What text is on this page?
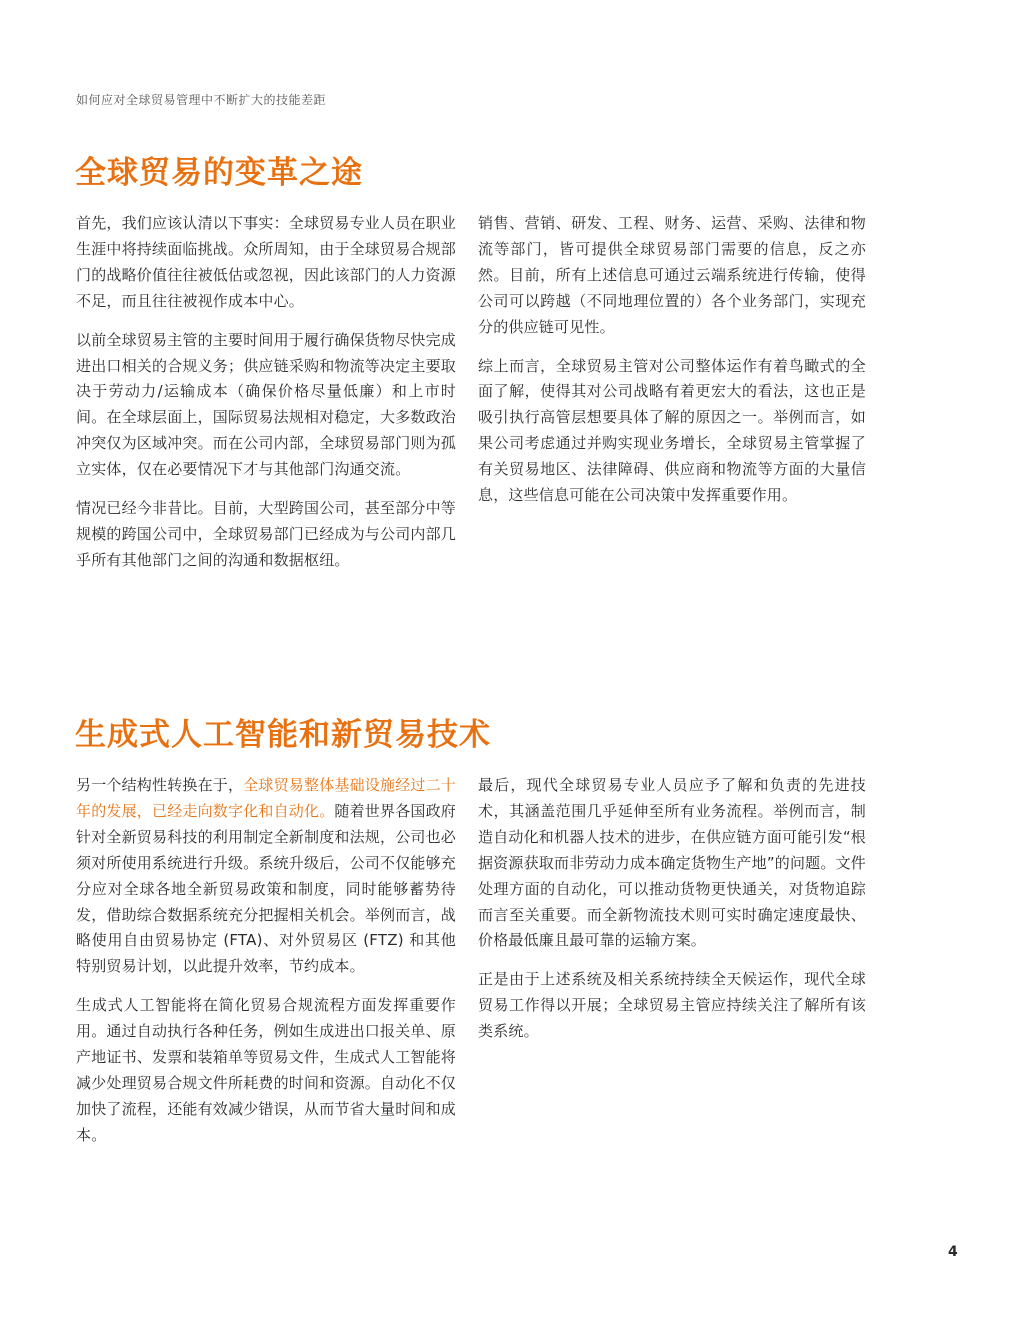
如何应对全球贸易管理中不断扩大的技能差距
全球贸易的变革之途

首先，我们应该认清以下事实：全球贸易专业人员在职业生涯中将持续面临挑战。众所周知，由于全球贸易合规部门的战略价值往往被低估或忽视，因此该部门的人力资源不足，而且往往被视作成本中心。

以前全球贸易主管的主要时间用于履行确保货物尽快完成进出口相关的合规义务；供应链采购和物流等决定主要取决于劳动力/运输成本（确保价格尽量低廉）和上市时间。在全球层面上，国际贸易法规相对稳定，大多数政治冲突仅为区域冲突。而在公司内部，全球贸易部门则为孤立实体，仅在必要情况下才与其他部门沟通交流。

情况已经今非昔比。目前，大型跨国公司，甚至部分中等规模的跨国公司中，全球贸易部门已经成为与公司内部几乎所有其他部门之间的沟通和数据枢纽。

销售、营销、研发、工程、财务、运营、采购、法律和物流等部门，皆可提供全球贸易部门需要的信息，反之亦然。目前，所有上述信息可通过云端系统进行传输，使得公司可以跨越（不同地理位置的）各个业务部门，实现充分的供应链可见性。

综上而言，全球贸易主管对公司整体运作有着鸟瞰式的全面了解，使得其对公司战略有着更宏大的看法，这也正是吸引执行高管层想要具体了解的原因之一。举例而言，如果公司考虑通过并购实现业务增长，全球贸易主管掌握了有关贸易地区、法律障碍、供应商和物流等方面的大量信息，这些信息可能在公司决策中发挥重要作用。

生成式人工智能和新贸易技术

另一个结构性转换在于，全球贸易整体基础设施经过二十年的发展，已经走向数字化和自动化。随着世界各国政府针对全新贸易科技的利用制定全新制度和法规，公司也必须对所使用系统进行升级。系统升级后，公司不仅能够充分应对全球各地全新贸易政策和制度，同时能够蓄势待发，借助综合数据系统充分把握相关机会。举例而言，战略使用自由贸易协定 (FTA)、对外贸易区 (FTZ) 和其他特别贸易计划，以此提升效率，节约成本。

生成式人工智能将在简化贸易合规流程方面发挥重要作用。通过自动执行各种任务，例如生成进出口报关单、原产地证书、发票和装箱单等贸易文件，生成式人工智能将减少处理贸易合规文件所耗费的时间和资源。自动化不仅加快了流程，还能有效减少错误，从而节省大量时间和成本。

最后，现代全球贸易专业人员应予了解和负责的先进技术，其涵盖范围几乎延伸至所有业务流程。举例而言，制造自动化和机器人技术的进步，在供应链方面可能引发“根据资源获取而非劳动力成本确定货物生产地”的问题。文件处理方面的自动化，可以推动货物更快通关，对货物追踪而言至关重要。而全新物流技术则可实时确定速度最快、价格最低廉且最可靠的运输方案。

正是由于上述系统及相关系统持续全天候运作，现代全球贸易工作得以开展；全球贸易主管应持续关注了解所有该类系统。

4
